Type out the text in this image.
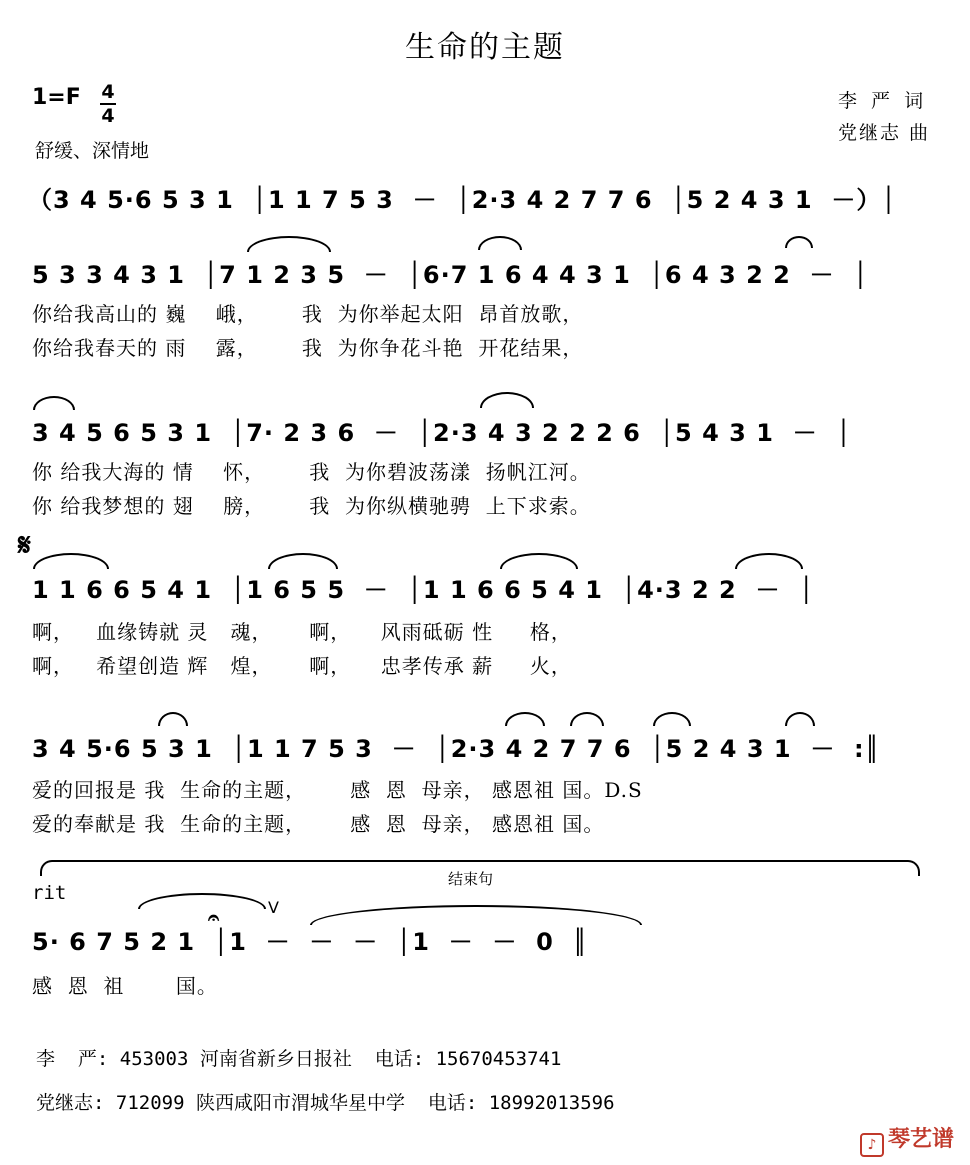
生命的主题
1=F 4
4
舒缓、深情地
李 严 词
党继志 曲
（3 4 5·6 5 3 1  │1 1 7 5 3  －  │2·3 4 2 7 7 6  │5 2 4 3 1  －）│
5 3 3 4 3 1  │7 1 2 3 5  －  │6·7 1 6 4 4 3 1  │6 4 3 2 2  －  │
你给我高山的 巍    峨，      我  为你举起太阳  昂首放歌，
你给我春天的 雨    露，      我  为你争花斗艳  开花结果，
3 4 5 6 5 3 1  │7· 2 3 6  －  │2·3 4 3 2 2 2 6  │5 4 3 1  －  │
你 给我大海的 情    怀，      我  为你碧波荡漾  扬帆江河。
你 给我梦想的 翅    膀，      我  为你纵横驰骋  上下求索。
𝄋
1 1 6 6 5 4 1  │1 6 5 5  －  │1 1 6 6 5 4 1  │4·3 2 2  －  │
啊，   血缘铸就 灵   魂，     啊，    风雨砥砺 性     格，
啊，   希望创造 辉   煌，     啊，    忠孝传承 薪     火，
3 4 5·6 5 3 1  │1 1 7 5 3  －  │2·3 4 2 7 7 6  │5 2 4 3 1  －  :║
爱的回报是 我  生命的主题，      感  恩  母亲， 感恩祖 国。D.S
爱的奉献是 我  生命的主题，      感  恩  母亲， 感恩祖 国。
结束句
rit
V
𝄐
5· 6 7 5 2 1  │1  －  －  －  │1  －  －  0  ║
感  恩  祖       国。
李  严: 453003 河南省新乡日报社  电话: 15670453741
党继志: 712099 陕西咸阳市渭城华星中学  电话: 18992013596
♪ 琴艺谱
